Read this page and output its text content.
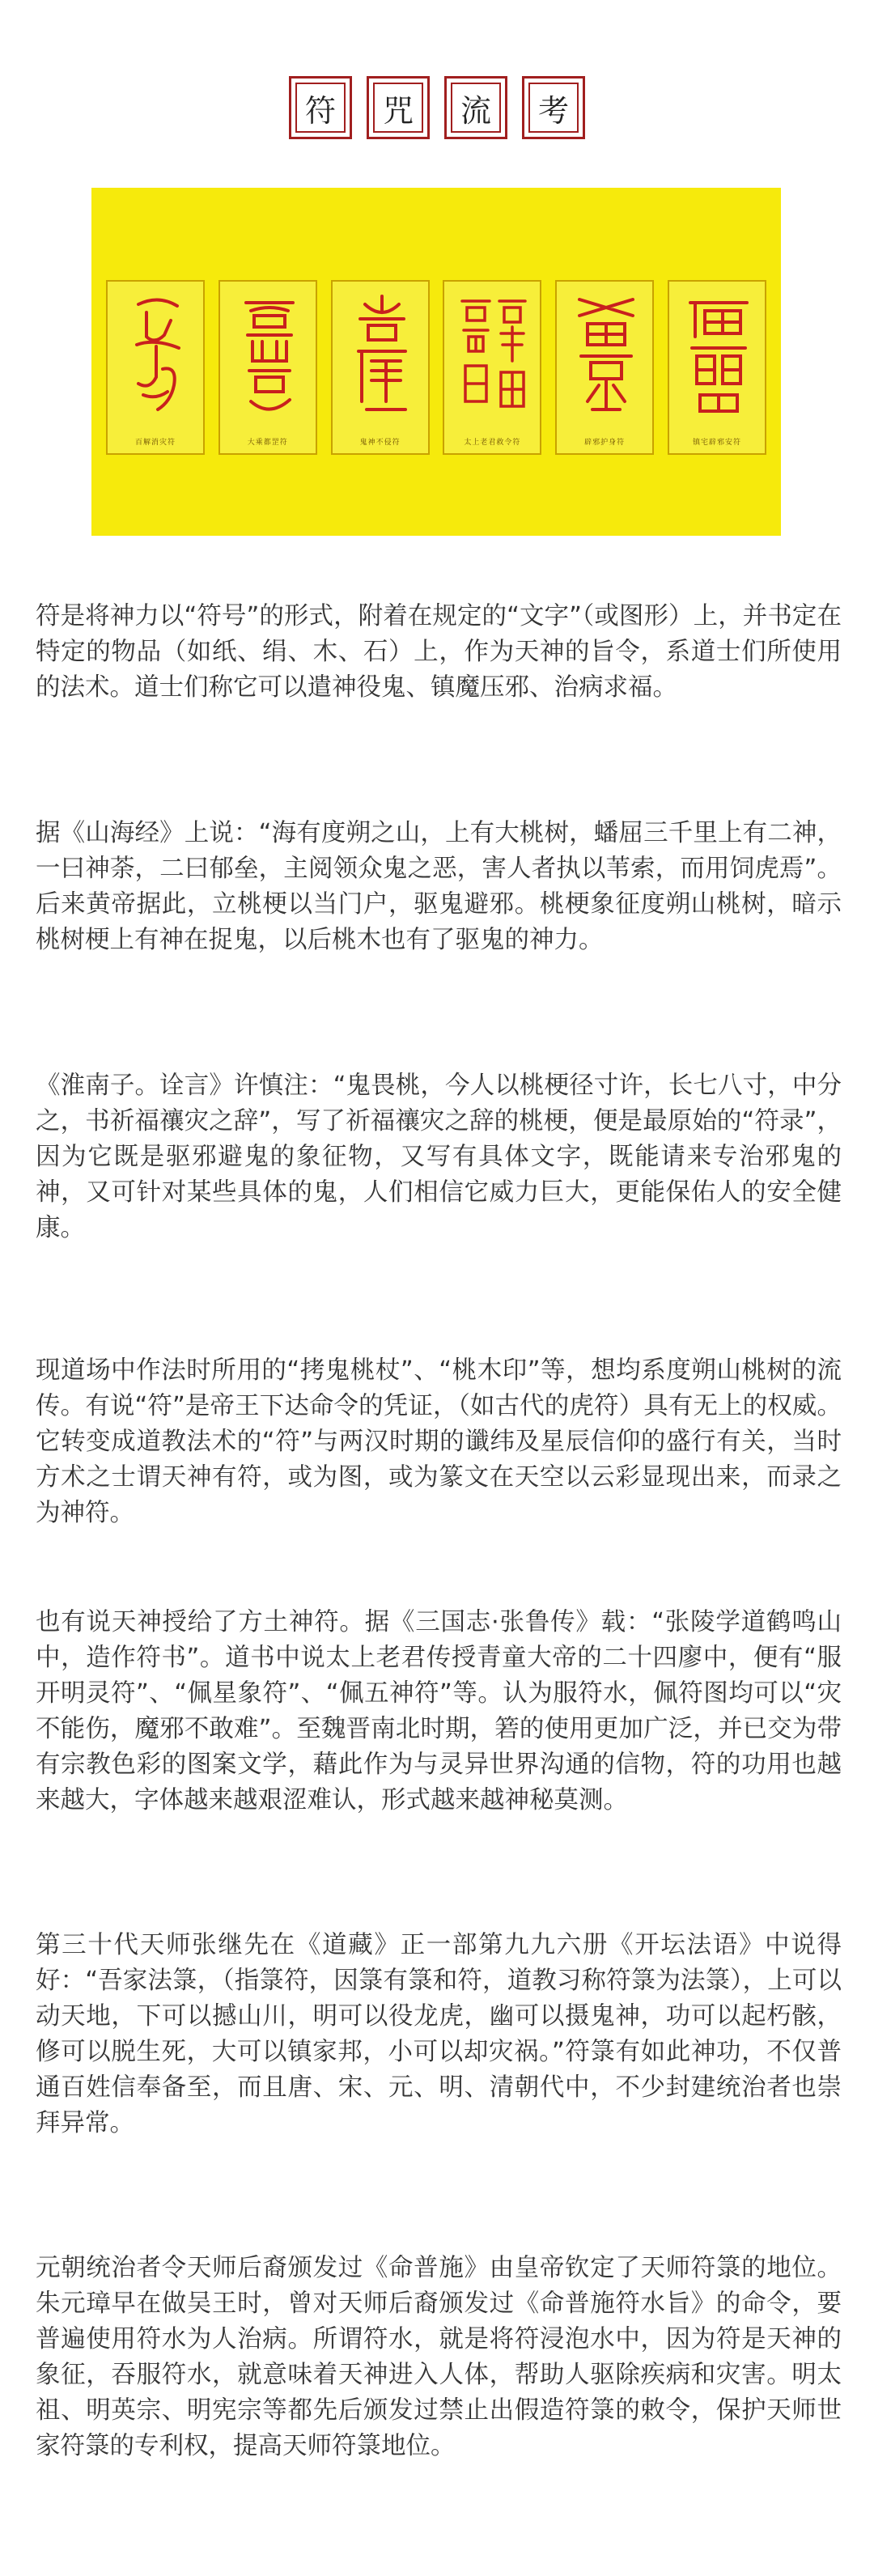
符	咒	流	考
百解消灾符	大乘都罡符	鬼神不侵符	太上老君救令符	辟邪护身符	镇宅辟邪安符

符是将神力以“符号”的形式，附着在规定的“文字”（或图形）上，并书定在特定的物品（如纸、绢、木、石）上，作为天神的旨令，系道士们所使用的法术。道士们称它可以遣神役鬼、镇魔压邪、治病求福。

据《山海经》上说：“海有度朔之山，上有大桃树，蟠屈三千里上有二神，一曰神荼，二曰郁垒，主阅领众鬼之恶，害人者执以苇索，而用饲虎焉”。后来黄帝据此，立桃梗以当门户，驱鬼避邪。桃梗象征度朔山桃树，暗示桃树梗上有神在捉鬼，以后桃木也有了驱鬼的神力。

《淮南子。诠言》许慎注：“鬼畏桃，今人以桃梗径寸许，长七八寸，中分之，书祈福禳灾之辞”，写了祈福禳灾之辞的桃梗，便是最原始的“符录”，因为它既是驱邪避鬼的象征物，又写有具体文字，既能请来专治邪鬼的神，又可针对某些具体的鬼，人们相信它威力巨大，更能保佑人的安全健康。

现道场中作法时所用的“拷鬼桃杖”、“桃木印”等，想均系度朔山桃树的流传。有说“符”是帝王下达命令的凭证，（如古代的虎符）具有无上的权威。它转变成道教法术的“符”与两汉时期的谶纬及星辰信仰的盛行有关，当时方术之士谓天神有符，或为图，或为篆文在天空以云彩显现出来，而录之为神符。

也有说天神授给了方土神符。据《三国志·张鲁传》载：“张陵学道鹤鸣山中，造作符书”。道书中说太上老君传授青童大帝的二十四廖中，便有“服开明灵符”、“佩星象符”、“佩五神符”等。认为服符水，佩符图均可以“灾不能伤，魔邪不敢难”。至魏晋南北时期，箬的使用更加广泛，并已交为带有宗教色彩的图案文学，藉此作为与灵异世界沟通的信物，符的功用也越来越大，字体越来越艰涩难认，形式越来越神秘莫测。

第三十代天师张继先在《道藏》正一部第九九六册《开坛法语》中说得好：“吾家法箓，（指箓符，因箓有箓和符，道教习称符箓为法箓），上可以动天地，下可以撼山川，明可以役龙虎，幽可以摄鬼神，功可以起朽骸，修可以脱生死，大可以镇家邦，小可以却灾祸。”符箓有如此神功，不仅普通百姓信奉备至，而且唐、宋、元、明、清朝代中，不少封建统治者也崇拜异常。

元朝统治者令天师后裔颁发过《命普施》由皇帝钦定了天师符箓的地位。朱元璋早在做吴王时，曾对天师后裔颁发过《命普施符水旨》的命令，要普遍使用符水为人治病。所谓符水，就是将符浸泡水中，因为符是天神的象征，吞服符水，就意味着天神进入人体，帮助人驱除疾病和灾害。明太祖、明英宗、明宪宗等都先后颁发过禁止出假造符箓的敕令，保护天师世家符箓的专利权，提高天师符箓地位。
